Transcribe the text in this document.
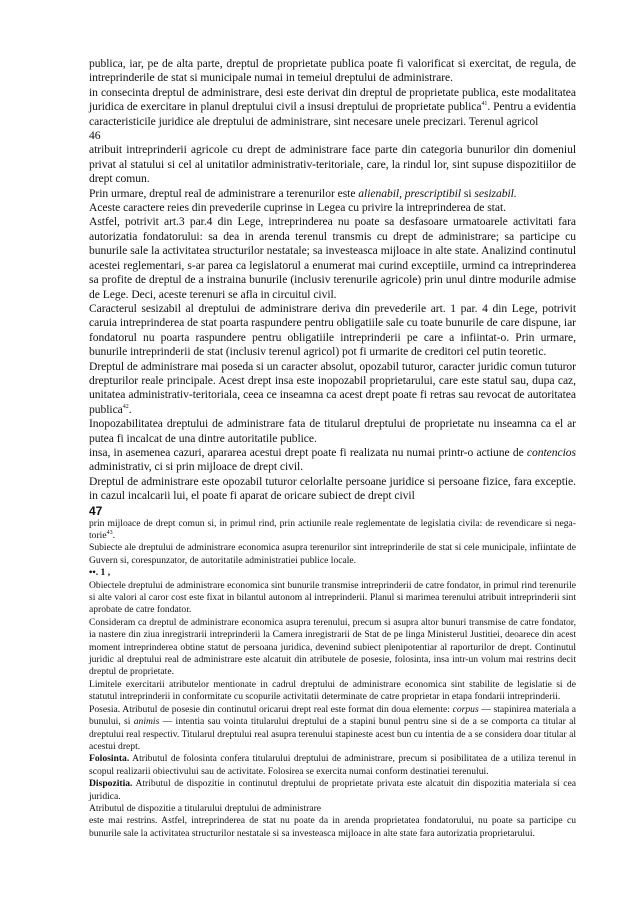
publica, iar, pe de alta parte, dreptul de proprietate publica poate fi valorificat si exercitat, de regula, de intreprinderile de stat si municipale numai in temeiul dreptului de administrare.

in consecinta dreptul de administrare, desi este derivat din dreptul de proprietate publica, este modalitatea juridica de exercitare in planul dreptului civil a insusi dreptului de proprietate publica$^{41}$. Pentru a evidentia caracteristicile juridice ale dreptului de administrare, sint necesare unele precizari. Terenul agricol

46

atribuit intreprinderii agricole cu drept de administrare face parte din categoria bunurilor din domeniul privat al statului si cel al unitatilor administrativ-teritoriale, care, la rindul lor, sint supuse dispozitiilor de drept comun.

Prin urmare, dreptul real de administrare a terenurilor este alienabil, prescriptibil si sesizabil.

Aceste caractere reies din prevederile cuprinse in Legea cu privire la intreprinderea de stat.

Astfel, potrivit art.3 par.4 din Lege, intreprinderea nu poate sa desfasoare urmatoarele activitati fara autorizatia fondatorului: sa dea in arenda terenul transmis cu drept de administrare; sa participe cu bunurile sale la activitatea structurilor nestatale; sa investeasca mijloace in alte state. Analizind continutul acestei reglementari, s-ar parea ca legislatorul a enumerat mai curind exceptiile, urmind ca intreprinderea sa profite de dreptul de a instraina bunurile (inclusiv terenurile agricole) prin unul dintre modurile admise de Lege. Deci, aceste terenuri se afla in circuitul civil.

Caracterul sesizabil al dreptului de administrare deriva din prevederile art. 1 par. 4 din Lege, potrivit caruia intreprinderea de stat poarta raspundere pentru obligatiile sale cu toate bunurile de care dispune, iar fondatorul nu poarta raspundere pentru obligatiile intreprinderii pe care a infiintat-o. Prin urmare, bunurile intreprinderii de stat (inclusiv terenul agricol) pot fi urmarite de creditori cel putin teoretic.

Dreptul de administrare mai poseda si un caracter absolut, opozabil tuturor, caracter juridic comun tuturor drepturilor reale principale. Acest drept insa este inopozabil proprietarului, care este statul sau, dupa caz, unitatea administrativ-teritoriala, ceea ce inseamna ca acest drept poate fi retras sau revocat de autoritatea publica$^{42}$.

Inopozabilitatea dreptului de administrare fata de titularul dreptului de proprietate nu inseamna ca el ar putea fi incalcat de una dintre autoritatile publice.

insa, in asemenea cazuri, apararea acestui drept poate fi realizata nu numai printr-o actiune de contencios administrativ, ci si prin mijloace de drept civil.

Dreptul de administrare este opozabil tuturor celorlalte persoane juridice si persoane fizice, fara exceptie. in cazul incalcarii lui, el poate fi aparat de oricare subiect de drept civil

47

prin mijloace de drept comun si, in primul rind, prin actiunile reale reglementate de legislatia civila: de revendicare si nega-torie$^{43}$.

Subiecte ale dreptului de administrare economica asupra terenurilor sint intreprinderile de stat si cele municipale, infiintate de Guvern si, corespunzator, de autoritatile administratiei publice locale.

••. 1 ,

Obiectele dreptului de administrare economica sint bunurile transmise intreprinderii de catre fondator, in primul rind terenurile si alte valori al caror cost este fixat in bilantul autonom al intreprinderii. Planul si marimea terenului atribuit intreprinderii sint aprobate de catre fondator.

Consideram ca dreptul de administrare economica asupra terenului, precum si asupra altor bunuri transmise de catre fondator, ia nastere din ziua inregistrarii intreprinderii la Camera inregistrarii de Stat de pe linga Ministerul Justitiei, deoarece din acest moment intreprinderea obtine statut de persoana juridica, devenind subiect plenipotentiar al raporturilor de drept. Continutul juridic al dreptului real de administrare este alcatuit din atributele de posesie, folosinta, insa intr-un volum mai restrins decit dreptul de proprietate.

Limitele exercitarii atributelor mentionate in cadrul dreptului de administrare economica sint stabilite de legislatie si de statutul intreprinderii in conformitate cu scopurile activitatii determinate de catre proprietar in etapa fondarii intreprinderii.

Posesia. Atributul de posesie din continutul oricarui drept real este format din doua elemente: corpus — stapinirea materiala a bunului, si animis — intentia sau vointa titularului dreptului de a stapini bunul pentru sine si de a se comporta ca titular al dreptului real respectiv. Titularul dreptului real asupra terenului stapineste acest bun cu intentia de a se considera doar titular al acestui drept.

Folosinta. Atributul de folosinta confera titularului dreptului de administrare, precum si posibilitatea de a utiliza terenul in scopul realizarii obiectivului sau de activitate. Folosirea se exercita numai conform destinatiei terenului.

Dispozitia. Atributul de dispozitie in continutul dreptului de proprietate privata este alcatuit din dispozitia materiala si cea juridica.

Atributul de dispozitie a titularului dreptului de administrare

este mai restrins. Astfel, intreprinderea de stat nu poate da in arenda proprietatea fondatorului, nu poate sa participe cu bunurile sale la activitatea structurilor nestatale si sa investeasca mijloace in alte state fara autorizatia proprietarului.
